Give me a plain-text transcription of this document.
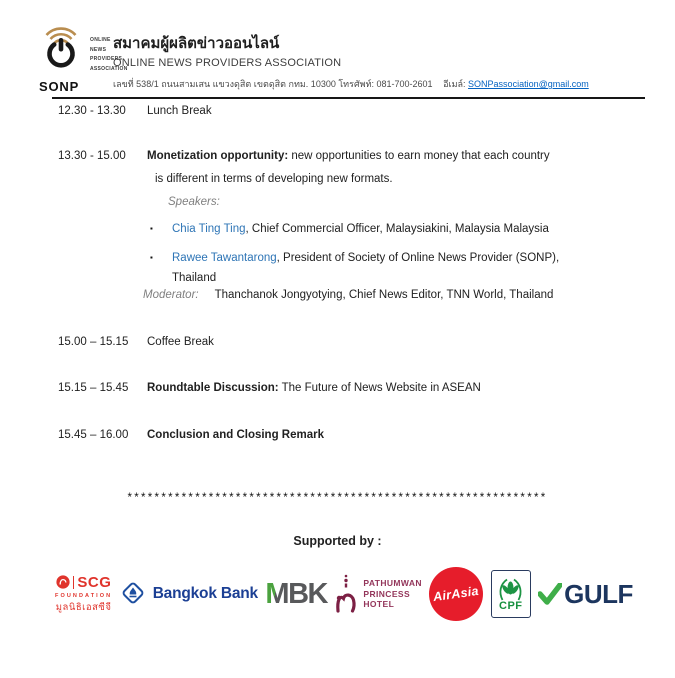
ONLINE
NEWS
PROVIDERS
ASSOCIATION
SONP
สมาคมผู้ผลิตข่าวออนไลน์
ONLINE NEWS PROVIDERS ASSOCIATION
เลขที่ 538/1 ถนนสามเสน แขวงดุสิต เขตดุสิต กทม. 10300 โทรศัพท์: 081-700-2601 อีเมล์: SONPassociation@gmail.com
12.30 - 13.30	Lunch Break
13.30 - 15.00	Monetization opportunity: new opportunities to earn money that each country
is different in terms of developing new formats.
Speakers:
▪
Chia Ting Ting, Chief Commercial Officer, Malaysiakini, Malaysia Malaysia
▪
Rawee Tawantarong, President of Society of Online News Provider (SONP),
Thailand
Moderator: Thanchanok Jongyotying, Chief News Editor, TNN World, Thailand
15.00 – 15.15	Coffee Break
15.15 – 15.45	Roundtable Discussion: The Future of News Website in ASEAN
15.45 – 16.00	Conclusion and Closing Remark
**************************************************************
Supported by :
SCG
FOUNDATION
มูลนิธิเอสซีจี
Bangkok Bank MBK	PATHUMWAN
PRINCESS
HOTEL
AirAsia
CPF GULF
